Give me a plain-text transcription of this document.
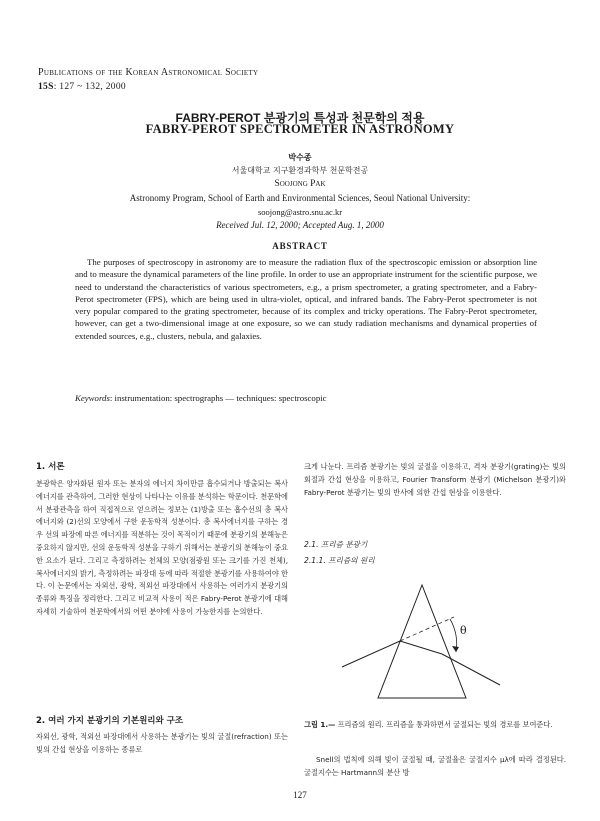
Publications of the Korean Astronomical Society
15S: 127 ~ 132, 2000
FABRY-PEROT 분광기의 특성과 천문학의 적용
FABRY-PEROT SPECTROMETER IN ASTRONOMY
박수종
서울대학교 지구환경과학부 천문학전공
Soojong Pak
Astronomy Program, School of Earth and Environmental Sciences, Seoul National University:
soojong@astro.snu.ac.kr
Received Jul. 12, 2000; Accepted Aug. 1, 2000
ABSTRACT

The purposes of spectroscopy in astronomy are to measure the radiation flux of the spectroscopic emission or absorption line and to measure the dynamical parameters of the line profile. In order to use an appropriate instrument for the scientific purpose, we need to understand the characteristics of various spectrometers, e.g., a prism spectrometer, a grating spectrometer, and a Fabry-Perot spectrometer (FPS), which are being used in ultra-violet, optical, and infrared bands. The Fabry-Perot spectrometer is not very popular compared to the grating spectrometer, because of its complex and tricky operations. The Fabry-Perot spectrometer, however, can get a two-dimensional image at one exposure, so we can study radiation mechanisms and dynamical properties of extended sources, e.g., clusters, nebula, and galaxies.

Keywords: instrumentation: spectrographs — techniques: spectroscopic
1. 서론

분광학은 양자화된 원자 또는 분자의 에너지 차이만큼 흡수되거나 방출되는 복사에너지를 관측하여, 그러한 현상이 나타나는 이유를 분석하는 학문이다. 천문학에서 분광관측을 하여 직접적으로 얻으려는 정보는 (1)방출 또는 흡수선의 총 복사에너지와 (2)선의 모양에서 구한 운동학적 성분이다. 총 복사에너지를 구하는 경우 선의 파장에 따른 에너지를 적분하는 것이 목적이기 때문에 분광기의 분해능은 중요하지 않지만, 선의 운동학적 성분을 구하기 위해서는 분광기의 분해능이 중요한 요소가 된다. 그리고 측정하려는 천체의 모양(점광원 또는 크기를 가진 천체), 복사에너지의 밝기, 측정하려는 파장대 등에 따라 적절한 분광기를 사용하여야 한다. 이 논문에서는 자외선, 광학, 적외선 파장대에서 사용하는 여러가지 분광기의 종류와 특징을 정리한다. 그리고 비교적 사용이 적은 Fabry-Perot 분광기에 대해 자세히 기술하여 천문학에서의 어떤 분야에 사용이 가능한지를 논의한다.

2. 여러 가지 분광기의 기본원리와 구조

자외선, 광학, 적외선 파장대에서 사용하는 분광기는 빛의 굴절(refraction) 또는 빛의 간섭 현상을 이용하는 종류로

크게 나눈다. 프리즘 분광기는 빛의 굴절을 이용하고, 격자 분광기(grating)는 빛의 회절과 간섭 현상을 이용하고, Fourier Transform 분광기 (Michelson 분광기)와 Fabry-Perot 분광기는 빛의 반사에 의한 간섭 현상을 이용한다.

2.1. 프리즘 분광기
2.1.1. 프리즘의 원리
θ

그림 1.— 프리즘의 원리. 프리즘을 통과하면서 굴절되는 빛의 경로를 보여준다.

Snell의 법칙에 의해 빛이 굴절될 때, 굴절율은 굴절지수 μλ에 따라 결정된다. 굴절지수는 Hartmann의 분산 방

127
